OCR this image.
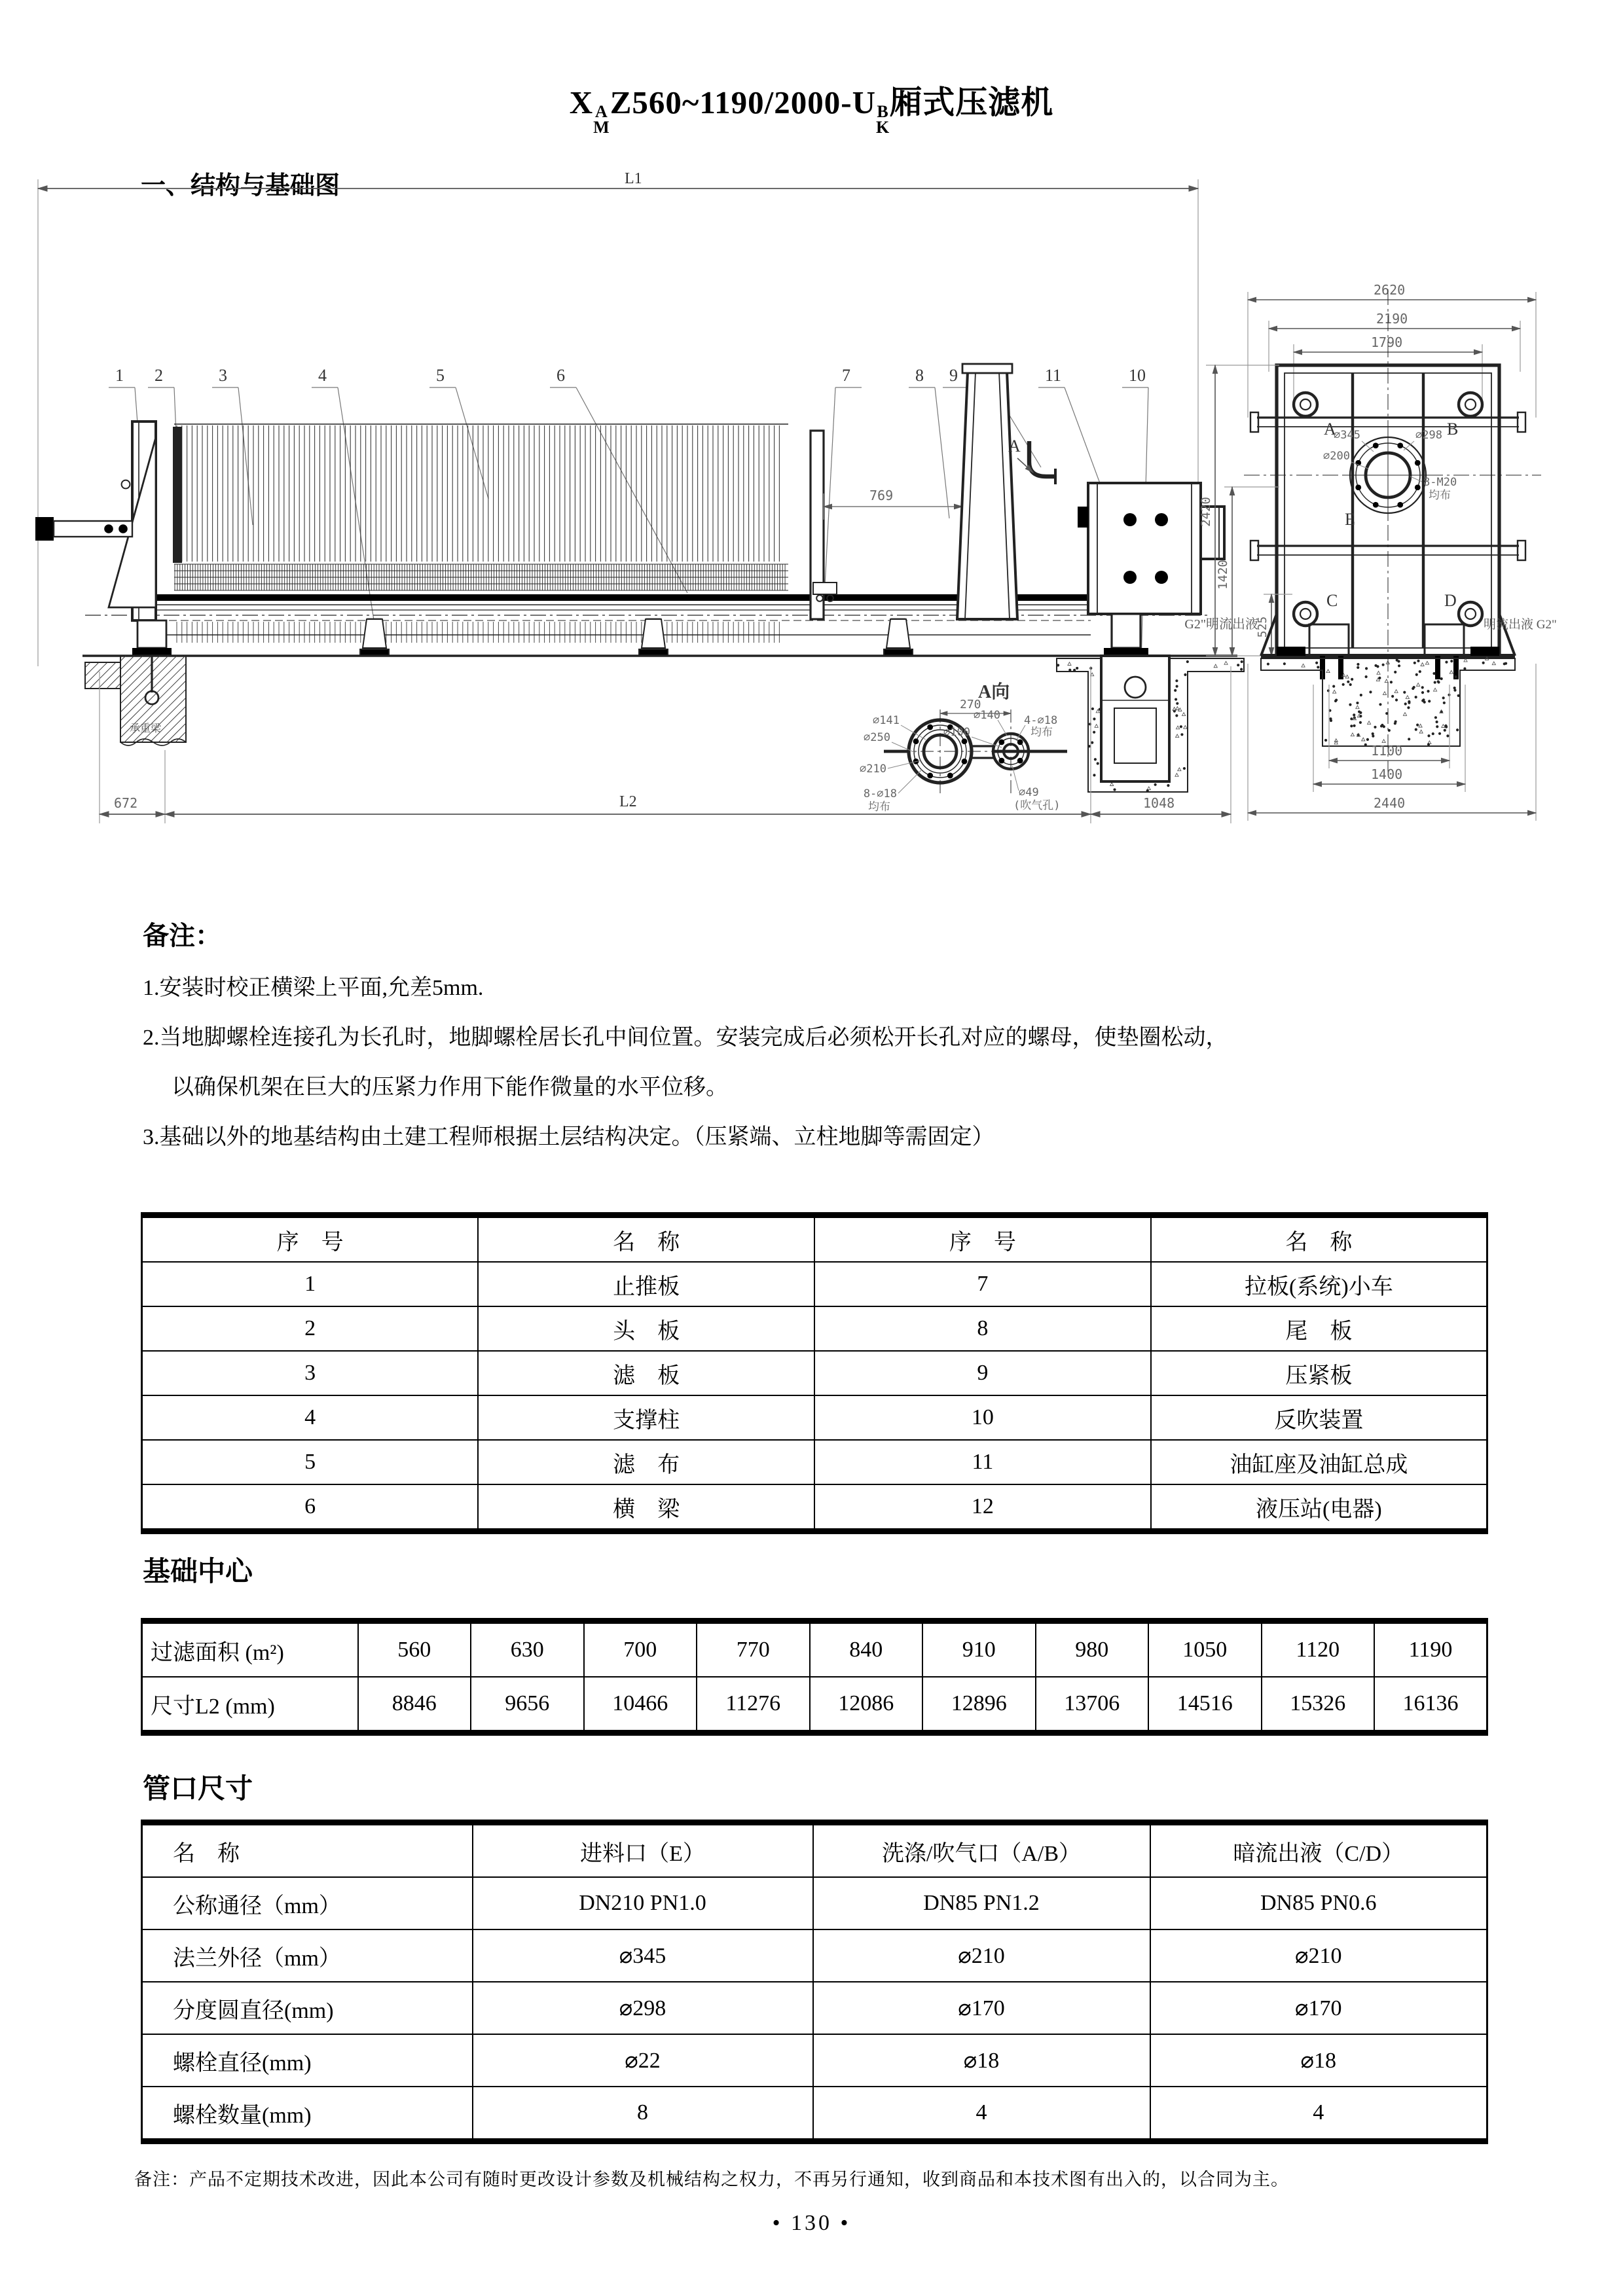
X A
M
Z560~1190/2000-U B
K
厢式压滤机
一、结构与基础图	L1
1	2	3	4	5	6	7	8	9	11	10
769
A
承重梁
672	L2	1048
G2"明流出液
A向
270
⌀141
⌀250
⌀210
8-⌀18
均布
⌀140	4-⌀18
均布
⌀100
⌀49
(吹气孔)
2620
2190
1790
A	B
C	D
E
⌀345	⌀298
⌀200
8-M20
均布
2420
1420
525
1100
1400
2440
明流出液 G2"
备注：
1.安装时校正横梁上平面,允差5mm.
2.当地脚螺栓连接孔为长孔时，地脚螺栓居长孔中间位置。安装完成后必须松开长孔对应的螺母，使垫圈松动，
以确保机架在巨大的压紧力作用下能作微量的水平位移。
3.基础以外的地基结构由土建工程师根据土层结构决定。（压紧端、立柱地脚等需固定）
序　号	名　称	序　号	名　称
1	止推板	7	拉板(系统)小车
2	头　板	8	尾　板
3	滤　板	9	压紧板
4	支撑柱	10	反吹装置
5	滤　布	11	油缸座及油缸总成
6	横　梁	12	液压站(电器)
基础中心
过滤面积 (m²)	560	630	700	770	840	910	980	1050	1120	1190
尺寸L2 (mm)	8846	9656	10466	11276	12086	12896	13706	14516	15326	16136
管口尺寸
名　称	进料口（E）	洗涤/吹气口（A/B）	暗流出液（C/D）
公称通径（mm）	DN210 PN1.0	DN85 PN1.2	DN85 PN0.6
法兰外径（mm）	⌀345	⌀210	⌀210
分度圆直径(mm)	⌀298	⌀170	⌀170
螺栓直径(mm)	⌀22	⌀18	⌀18
螺栓数量(mm)	8	4	4
备注：产品不定期技术改进，因此本公司有随时更改设计参数及机械结构之权力，不再另行通知，收到商品和本技术图有出入的，以合同为主。
• 130 •
